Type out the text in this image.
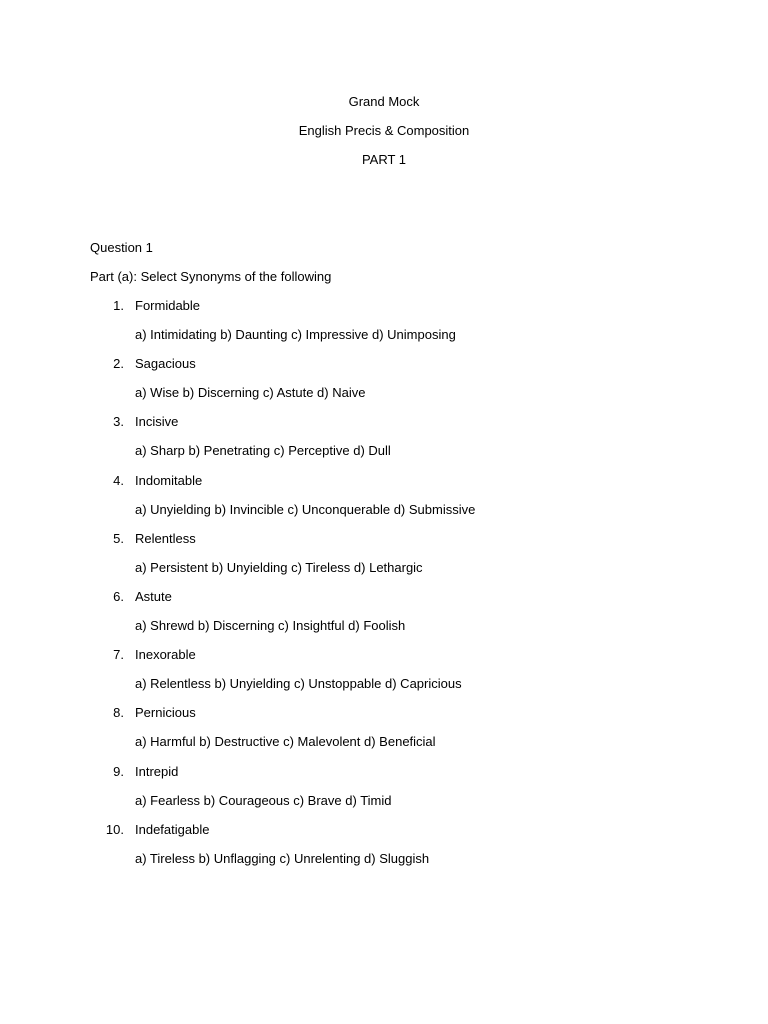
Grand Mock
English Precis & Composition
PART 1
Question 1
Part (a): Select Synonyms of the following
1. Formidable
a) Intimidating b) Daunting c) Impressive d) Unimposing
2. Sagacious
a) Wise b) Discerning c) Astute d) Naive
3. Incisive
a) Sharp b) Penetrating c) Perceptive d) Dull
4. Indomitable
a) Unyielding b) Invincible c) Unconquerable d) Submissive
5. Relentless
a) Persistent b) Unyielding c) Tireless d) Lethargic
6. Astute
a) Shrewd b) Discerning c) Insightful d) Foolish
7. Inexorable
a) Relentless b) Unyielding c) Unstoppable d) Capricious
8. Pernicious
a) Harmful b) Destructive c) Malevolent d) Beneficial
9. Intrepid
a) Fearless b) Courageous c) Brave d) Timid
10. Indefatigable
a) Tireless b) Unflagging c) Unrelenting d) Sluggish
